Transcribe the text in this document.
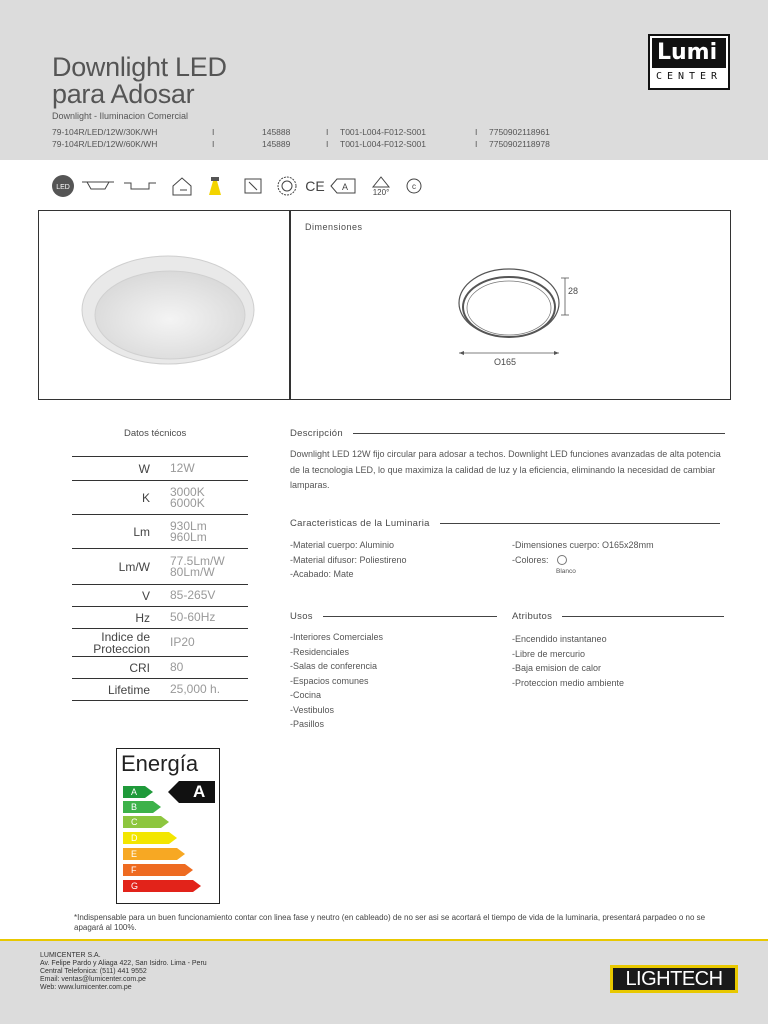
Downlight LED
para Adosar
Downlight - Iluminacion Comercial
79-104R/LED/12W/30K/WH	I	145888	I	T001-L004-F012-S001	I	7750902118961
79-104R/LED/12W/60K/WH	I	145889	I	T001-L004-F012-S001	I	7750902118978
Lumi
CENTER
LED	CE A
120°
c
Dimensiones
28
O165
Datos técnicos
W	12W
K	3000K
6000K
Lm	930Lm
960Lm
Lm/W	77.5Lm/W
80Lm/W
V	85-265V
Hz	50-60Hz
Indice de
Proteccion	IP20
CRI	80
Lifetime	25,000 h.
Descripción
Downlight LED 12W fijo circular para adosar a techos. Downlight LED funciones avanzadas de alta potencia de la tecnologia LED, lo que maximiza la calidad de luz y la eficiencia, eliminando la necesidad de cambiar lamparas.
Caracteristicas de la Luminaria
-Material cuerpo: Aluminio
-Material difusor: Poliestireno
-Acabado: Mate
-Dimensiones cuerpo: O165x28mm
-Colores:
Blanco
Usos
-Interiores Comerciales
-Residenciales
-Salas de conferencia
-Espacios comunes
-Cocina
-Vestibulos
-Pasillos
Atributos
-Encendido instantaneo
-Libre de mercurio
-Baja emision de calor
-Proteccion medio ambiente
Energía
A
A
B
C
D
E
F
G
*Indispensable para un buen funcionamiento contar con linea fase y neutro (en cableado) de no ser asi se acortará el tiempo de vida de la luminaria, presentará parpadeo o no se apagará al 100%.
LUMICENTER S.A.
Av. Felipe Pardo y Aliaga 422, San Isidro. Lima - Peru
Central Telefonica: (511) 441 9552
Email: ventas@lumicenter.com.pe
Web: www.lumicenter.com.pe	LIGHTECH
